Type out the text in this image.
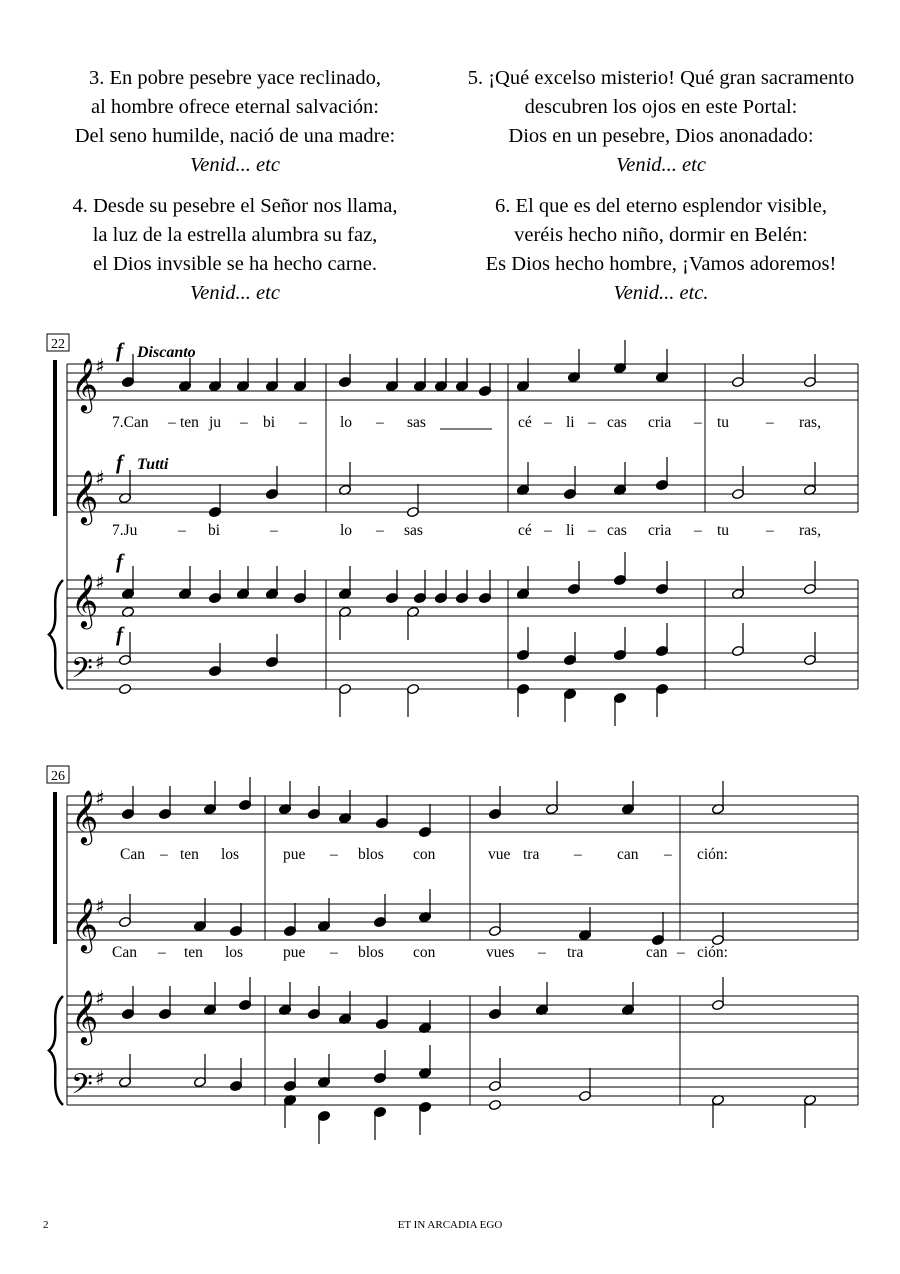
3. En pobre pesebre yace reclinado,
al hombre ofrece eternal salvación:
Del seno humilde, nació de una madre:
Venid... etc
4. Desde su pesebre el Señor nos llama,
la luz de la estrella alumbra su faz,
el Dios invsible se ha hecho carne.
Venid... etc
5. ¡Qué excelso misterio! Qué gran sacramento
descubren los ojos en este Portal:
Dios en un pesebre, Dios anonadado:
Venid... etc
6. El que es del eterno esplendor visible,
veréis hecho niño, dormir en Belén:
Es Dios hecho hombre, ¡Vamos adoremos!
Venid... etc.
𝄞
♯
𝄞
♯
𝄞
♯
𝄢 ♯
𝄞
♯
𝄞
♯
𝄞
♯
𝄢 ♯
22 f Discanto
f Tutti
f
f
7.Can – ten ju – bi – lo – sas	cé – li – cas cria – tu – ras,
7.Ju	– bi	–	lo – sas	cé – li – cas cria – tu – ras,
26
Can – ten los	pue – blos con	vue tra – can – ción:
Can – ten los	pue – blos con	vues – tra	can – ción:
2	ET IN ARCADIA EGO
